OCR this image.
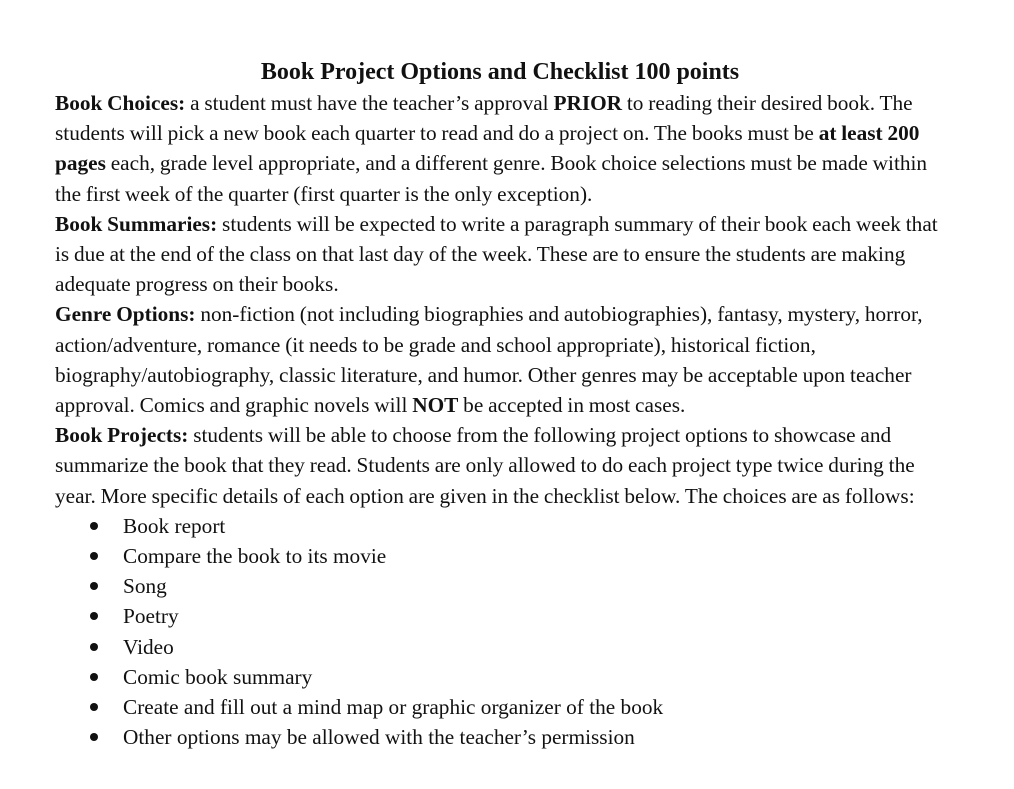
Book Project Options and Checklist 100 points

Book Choices: a student must have the teacher’s approval PRIOR to reading their desired book. The students will pick a new book each quarter to read and do a project on. The books must be at least 200 pages each, grade level appropriate, and a different genre. Book choice selections must be made within the first week of the quarter (first quarter is the only exception).

Book Summaries: students will be expected to write a paragraph summary of their book each week that is due at the end of the class on that last day of the week. These are to ensure the students are making adequate progress on their books.

Genre Options: non-fiction (not including biographies and autobiographies), fantasy, mystery, horror, action/adventure, romance (it needs to be grade and school appropriate), historical fiction, biography/autobiography, classic literature, and humor. Other genres may be acceptable upon teacher approval. Comics and graphic novels will NOT be accepted in most cases.

Book Projects: students will be able to choose from the following project options to showcase and summarize the book that they read. Students are only allowed to do each project type twice during the year. More specific details of each option are given in the checklist below. The choices are as follows:

Book report
Compare the book to its movie
Song
Poetry
Video
Comic book summary
Create and fill out a mind map or graphic organizer of the book
Other options may be allowed with the teacher’s permission
